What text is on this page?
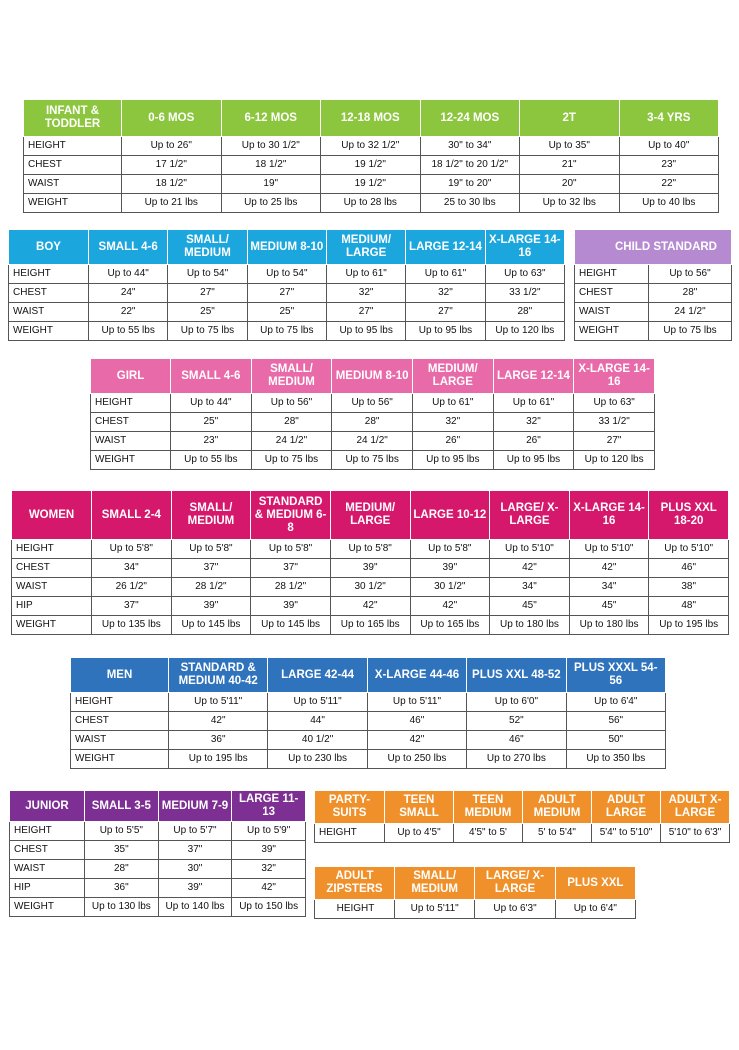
INFANT & TODDLER	0-6 MOS	6-12 MOS	12-18 MOS	12-24 MOS	2T	3-4 YRS
HEIGHT	Up to 26"	Up to 30 1/2"	Up to 32 1/2"	30" to 34"	Up to 35"	Up to 40"
CHEST	17 1/2"	18 1/2"	19 1/2"	18 1/2" to 20 1/2"	21"	23"
WAIST	18 1/2"	19"	19 1/2"	19" to 20"	20"	22"
WEIGHT	Up to 21 lbs	Up to 25 lbs	Up to 28 lbs	25 to 30 lbs	Up to 32 lbs	Up to 40 lbs
BOY	SMALL 4-6	SMALL/ MEDIUM	MEDIUM 8-10	MEDIUM/ LARGE	LARGE 12-14	X-LARGE 14-16
HEIGHT	Up to 44"	Up to 54"	Up to 54"	Up to 61"	Up to 61"	Up to 63"
CHEST	24"	27"	27"	32"	32"	33 1/2"
WAIST	22"	25"	25"	27"	27"	28"
WEIGHT	Up to 55 lbs	Up to 75 lbs	Up to 75 lbs	Up to 95 lbs	Up to 95 lbs	Up to 120 lbs
CHILD STANDARD	
HEIGHT	Up to 56"
CHEST	28"
WAIST	24 1/2"
WEIGHT	Up to 75 lbs
GIRL	SMALL 4-6	SMALL/ MEDIUM	MEDIUM 8-10	MEDIUM/ LARGE	LARGE 12-14	X-LARGE 14-16
HEIGHT	Up to 44"	Up to 56"	Up to 56"	Up to 61"	Up to 61"	Up to 63"
CHEST	25"	28"	28"	32"	32"	33 1/2"
WAIST	23"	24 1/2"	24 1/2"	26"	26"	27"
WEIGHT	Up to 55 lbs	Up to 75 lbs	Up to 75 lbs	Up to 95 lbs	Up to 95 lbs	Up to 120 lbs
WOMEN	SMALL 2-4	SMALL/ MEDIUM	STANDARD & MEDIUM 6-8	MEDIUM/ LARGE	LARGE 10-12	LARGE/ X-LARGE	X-LARGE 14-16	PLUS XXL 18-20
HEIGHT	Up to 5'8"	Up to 5'8"	Up to 5'8"	Up to 5'8"	Up to 5'8"	Up to 5'10"	Up to 5'10"	Up to 5'10"
CHEST	34"	37"	37"	39"	39"	42"	42"	46"
WAIST	26 1/2"	28 1/2"	28 1/2"	30 1/2"	30 1/2"	34"	34"	38"
HIP	37"	39"	39"	42"	42"	45"	45"	48"
WEIGHT	Up to 135 lbs	Up to 145 lbs	Up to 145 lbs	Up to 165 lbs	Up to 165 lbs	Up to 180 lbs	Up to 180 lbs	Up to 195 lbs
MEN	STANDARD & MEDIUM 40-42	LARGE 42-44	X-LARGE 44-46	PLUS XXL 48-52	PLUS XXXL 54-56
HEIGHT	Up to 5'11"	Up to 5'11"	Up to 5'11"	Up to 6'0"	Up to 6'4"
CHEST	42"	44"	46"	52"	56"
WAIST	36"	40 1/2"	42"	46"	50"
WEIGHT	Up to 195 lbs	Up to 230 lbs	Up to 250 lbs	Up to 270 lbs	Up to 350 lbs
JUNIOR	SMALL 3-5	MEDIUM 7-9	LARGE 11-13
HEIGHT	Up to 5'5"	Up to 5'7"	Up to 5'9"
CHEST	35"	37"	39"
WAIST	28"	30"	32"
HIP	36"	39"	42"
WEIGHT	Up to 130 lbs	Up to 140 lbs	Up to 150 lbs
PARTY-SUITS	TEEN SMALL	TEEN MEDIUM	ADULT MEDIUM	ADULT LARGE	ADULT X-LARGE
HEIGHT	Up to 4'5"	4'5" to 5'	5' to 5'4"	5'4" to 5'10"	5'10" to 6'3"
ADULT ZIPSTERS	SMALL/ MEDIUM	LARGE/ X-LARGE	PLUS XXL
HEIGHT	Up to 5'11"	Up to 6'3"	Up to 6'4"
